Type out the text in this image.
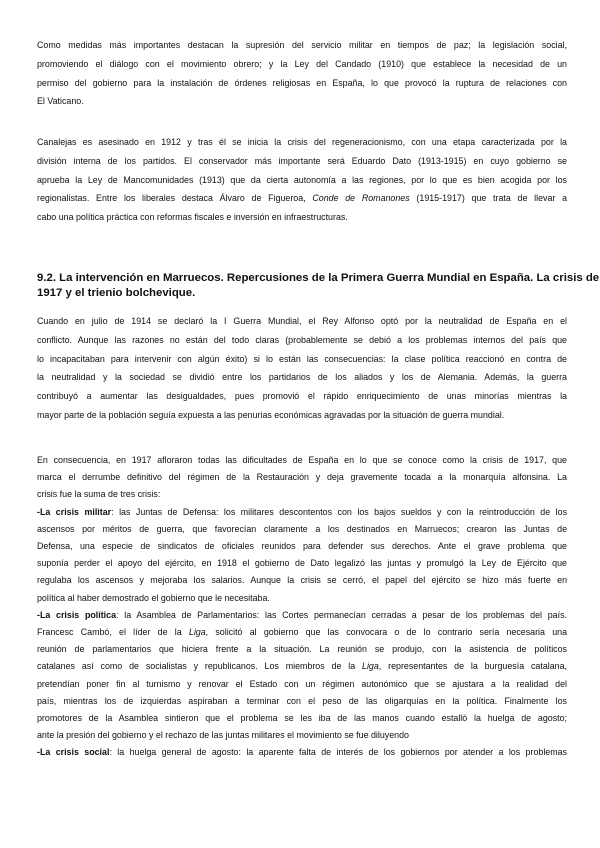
Como medidas más importantes destacan la supresión del servicio militar en tiempos de paz; la legislación social,
promoviendo el diálogo con el movimiento obrero; y la Ley del Candado (1910) que establece la necesidad de un
permiso del gobierno para la instalación de órdenes religiosas en España, lo que provocó la ruptura de relaciones con
El Vaticano.
Canalejas es asesinado en 1912 y tras él se inicia la crisis del regeneracionismo, con una etapa caracterizada por la
división interna de los partidos. El conservador más importante será Eduardo Dato (1913-1915) en cuyo gobierno se
aprueba la Ley de Mancomunidades (1913) que da cierta autonomía a las regiones, por lo que es bien acogida por los
regionalistas. Entre los liberales destaca Álvaro de Figueroa, Conde de Romanones (1915-1917) que trata de llevar a
cabo una política práctica con reformas fiscales e inversión en infraestructuras.
9.2. La intervención en Marruecos. Repercusiones de la Primera Guerra Mundial en España. La crisis de
1917 y el trienio bolchevique.
Cuando en julio de 1914 se declaró la I Guerra Mundial, el Rey Alfonso optó por la neutralidad de España en el
conflicto. Aunque las razones no están del todo claras (probablemente se debió a los problemas internos del país que
lo incapacitaban para intervenir con algún éxito) si lo están las consecuencias: la clase política reaccionó en contra de
la neutralidad y la sociedad se dividió entre los partidarios de los aliados y los de Alemania. Además, la guerra
contribuyó a aumentar las desigualdades, pues promovió el rápido enriquecimiento de unas minorías mientras la
mayor parte de la población seguía expuesta a las penurias económicas agravadas por la situación de guerra mundial.
En consecuencia, en 1917 afloraron todas las dificultades de España en lo que se conoce como la crisis de 1917, que
marca el derrumbe definitivo del régimen de la Restauración y deja gravemente tocada a la monarquía alfonsina. La
crisis fue la suma de tres crisis:
-La crisis militar: las Juntas de Defensa: los militares descontentos con los bajos sueldos y con la reintroducción de los
ascensos por méritos de guerra, que favorecían claramente a los destinados en Marruecos; crearon las Juntas de
Defensa, una especie de sindicatos de oficiales reunidos para defender sus derechos. Ante el grave problema que
suponía perder el apoyo del ejército, en 1918 el gobierno de Dato legalizó las juntas y promulgó la Ley de Ejército que
regulaba los ascensos y mejoraba los salarios. Aunque la crisis se cerró, el papel del ejército se hizo más fuerte en
política al haber demostrado el gobierno que le necesitaba.
-La crisis política: la Asamblea de Parlamentarios: las Cortes permanecían cerradas a pesar de los problemas del país.
Francesc Cambó, el líder de la Liga, solicitó al gobierno que las convocara o de lo contrario sería necesaria una
reunión de parlamentarios que hiciera frente a la situación. La reunión se produjo, con la asistencia de políticos
catalanes así como de socialistas y republicanos. Los miembros de la Liga, representantes de la burguesía catalana,
pretendían poner fin al turnismo y renovar el Estado con un régimen autonómico que se ajustara a la realidad del
país, mientras los de izquierdas aspiraban a terminar con el peso de las oligarquías en la política. Finalmente los
promotores de la Asamblea sintieron que el problema se les iba de las manos cuando estalló la huelga de agosto;
ante la presión del gobierno y el rechazo de las juntas militares el movimiento se fue diluyendo
-La crisis social: la huelga general de agosto: la aparente falta de interés de los gobiernos por atender a los problemas
